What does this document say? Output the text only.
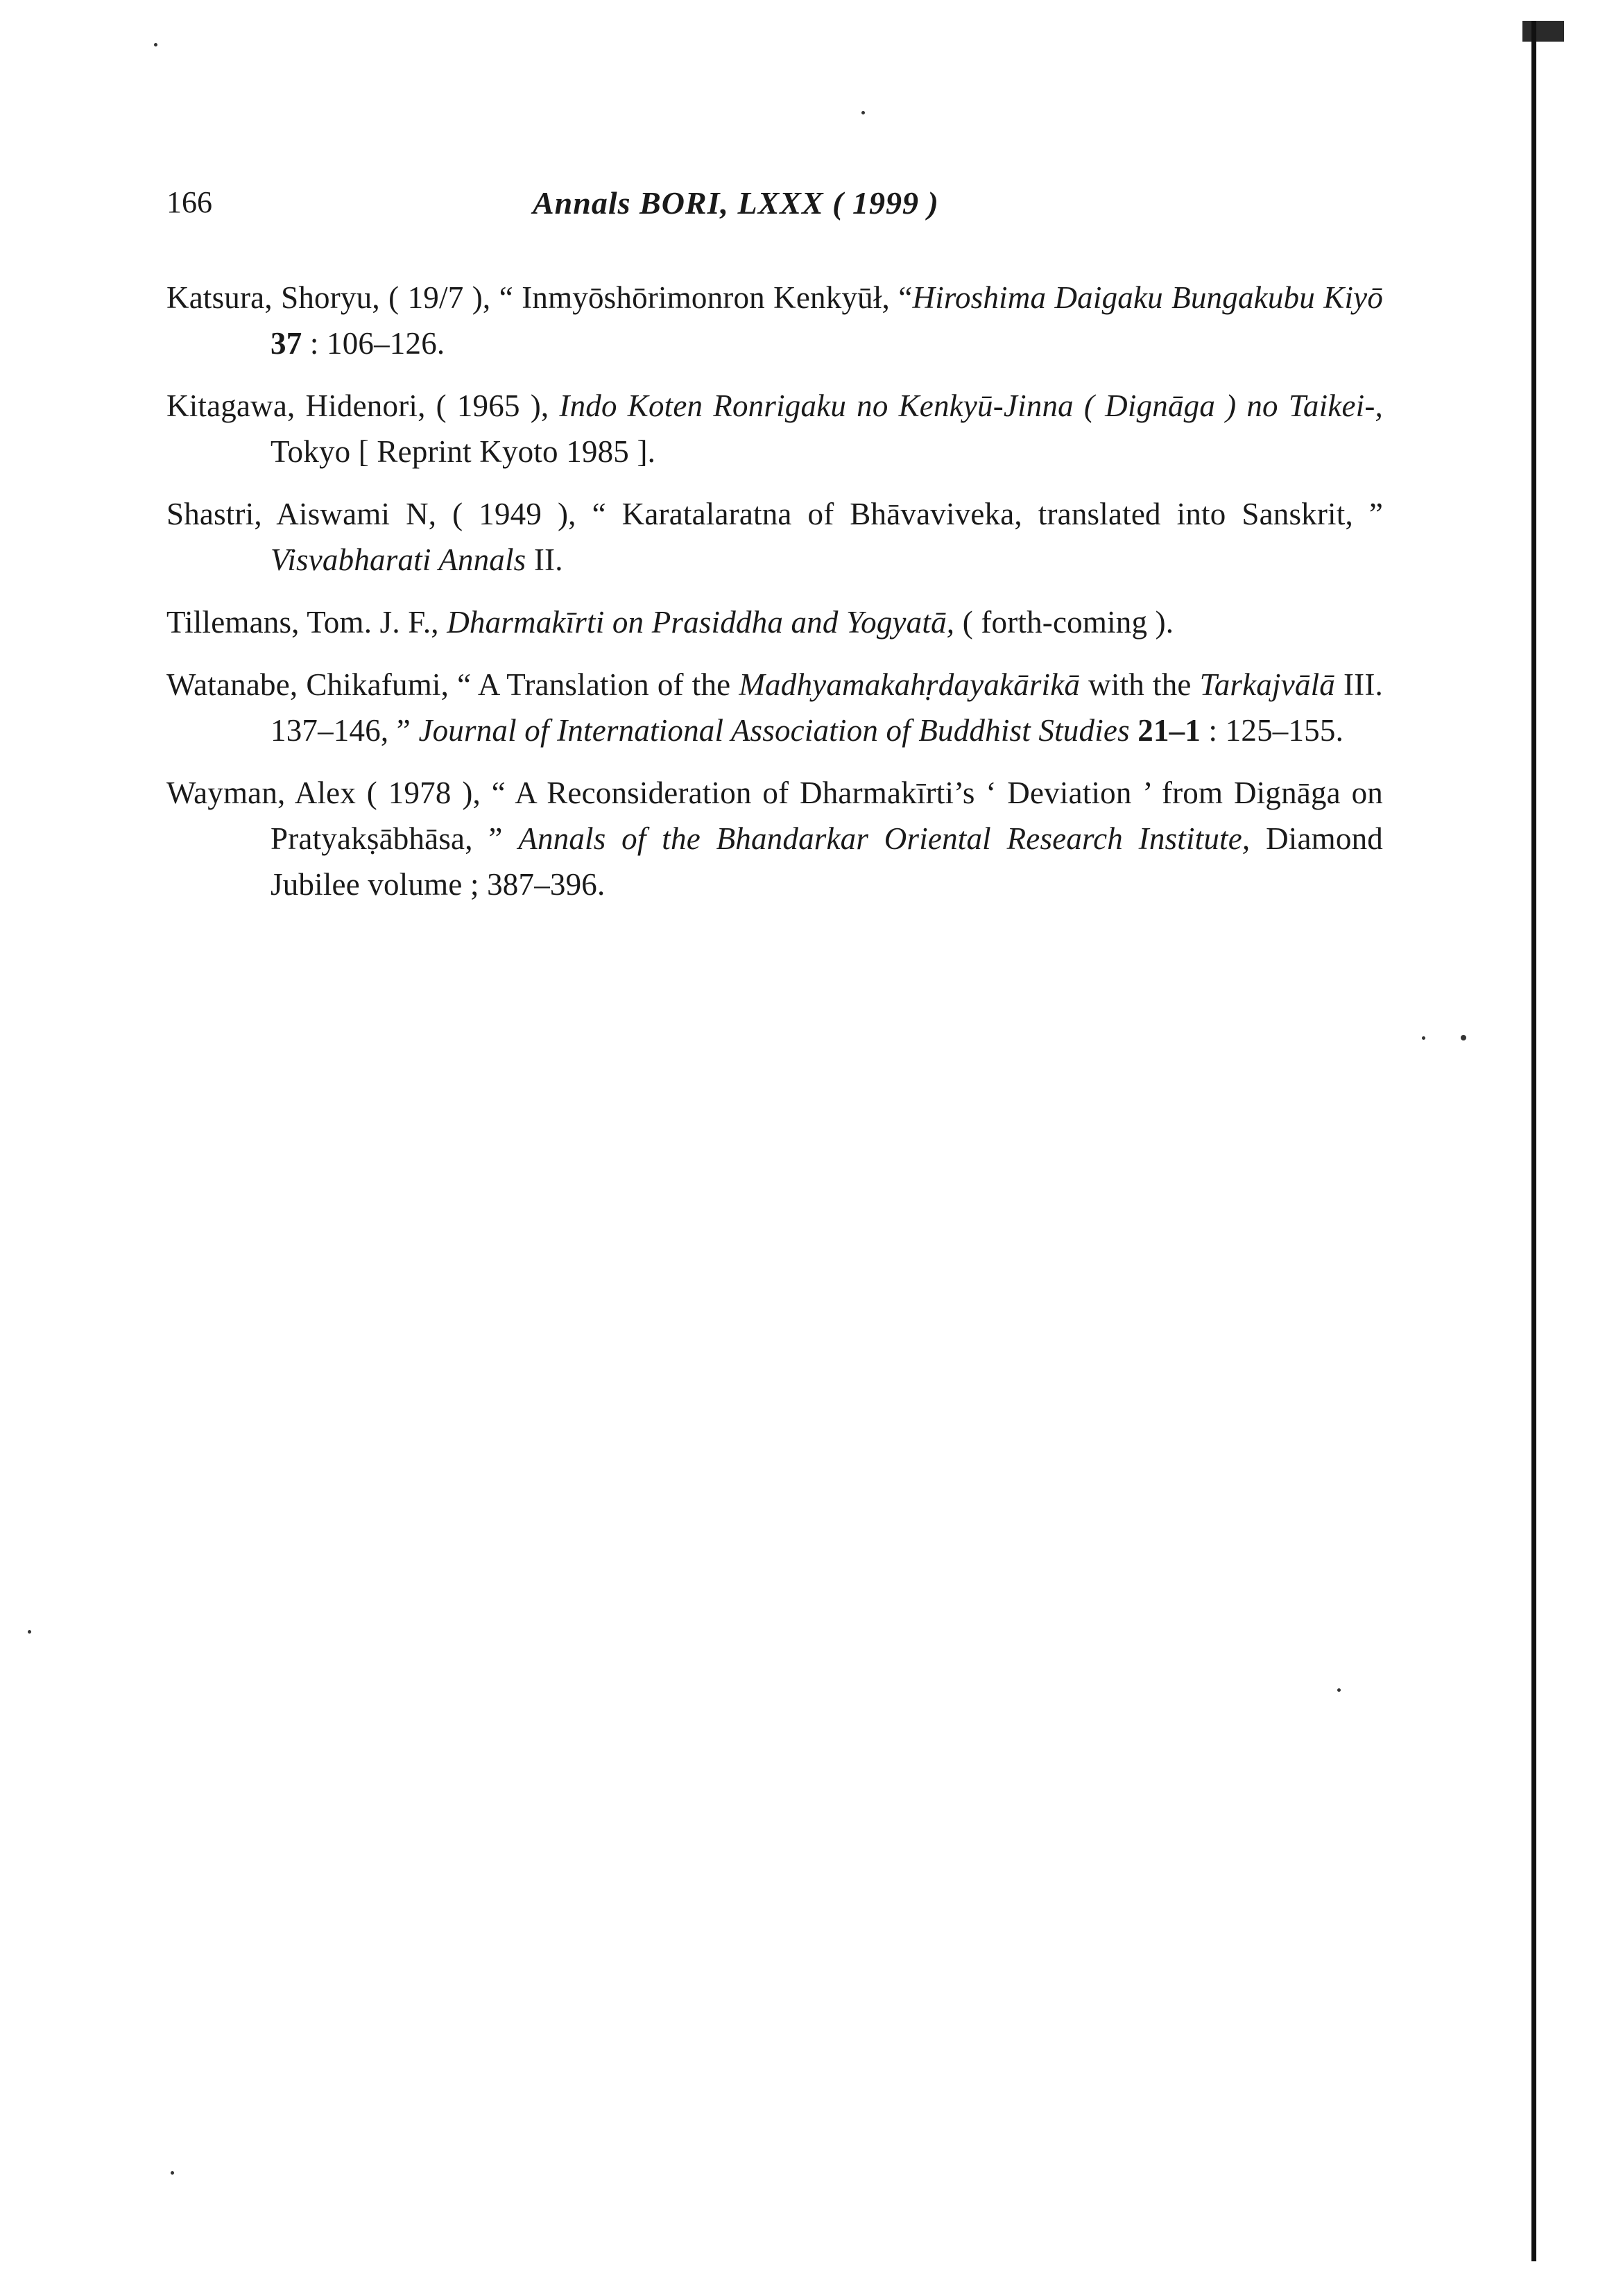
166	Annals BORI, LXXX ( 1999 )

Katsura, Shoryu, ( 19/7 ), “ Inmyōshōrimonron Kenkyūł, “Hiroshima Daigaku Bungakubu Kiyō 37 : 106–126.

Kitagawa, Hidenori, ( 1965 ), Indo Koten Ronrigaku no Kenkyū-Jinna ( Dignāga ) no Taikei-, Tokyo [ Reprint Kyoto 1985 ].

Shastri, Aiswami N, ( 1949 ), “ Karatalaratna of Bhāvaviveka, translated into Sanskrit, ” Visvabharati Annals II.

Tillemans, Tom. J. F., Dharmakīrti on Prasiddha and Yogyatā, ( forth-coming ).

Watanabe, Chikafumi, “ A Translation of the Madhyamakahṛdayakārikā with the Tarkajvālā III. 137–146, ” Journal of International Association of Buddhist Studies 21–1 : 125–155.

Wayman, Alex ( 1978 ), “ A Reconsideration of Dharmakīrti’s ‘ Deviation ’ from Dignāga on Pratyakṣābhāsa, ” Annals of the Bhandarkar Oriental Research Institute, Diamond Jubilee volume ; 387–396.
